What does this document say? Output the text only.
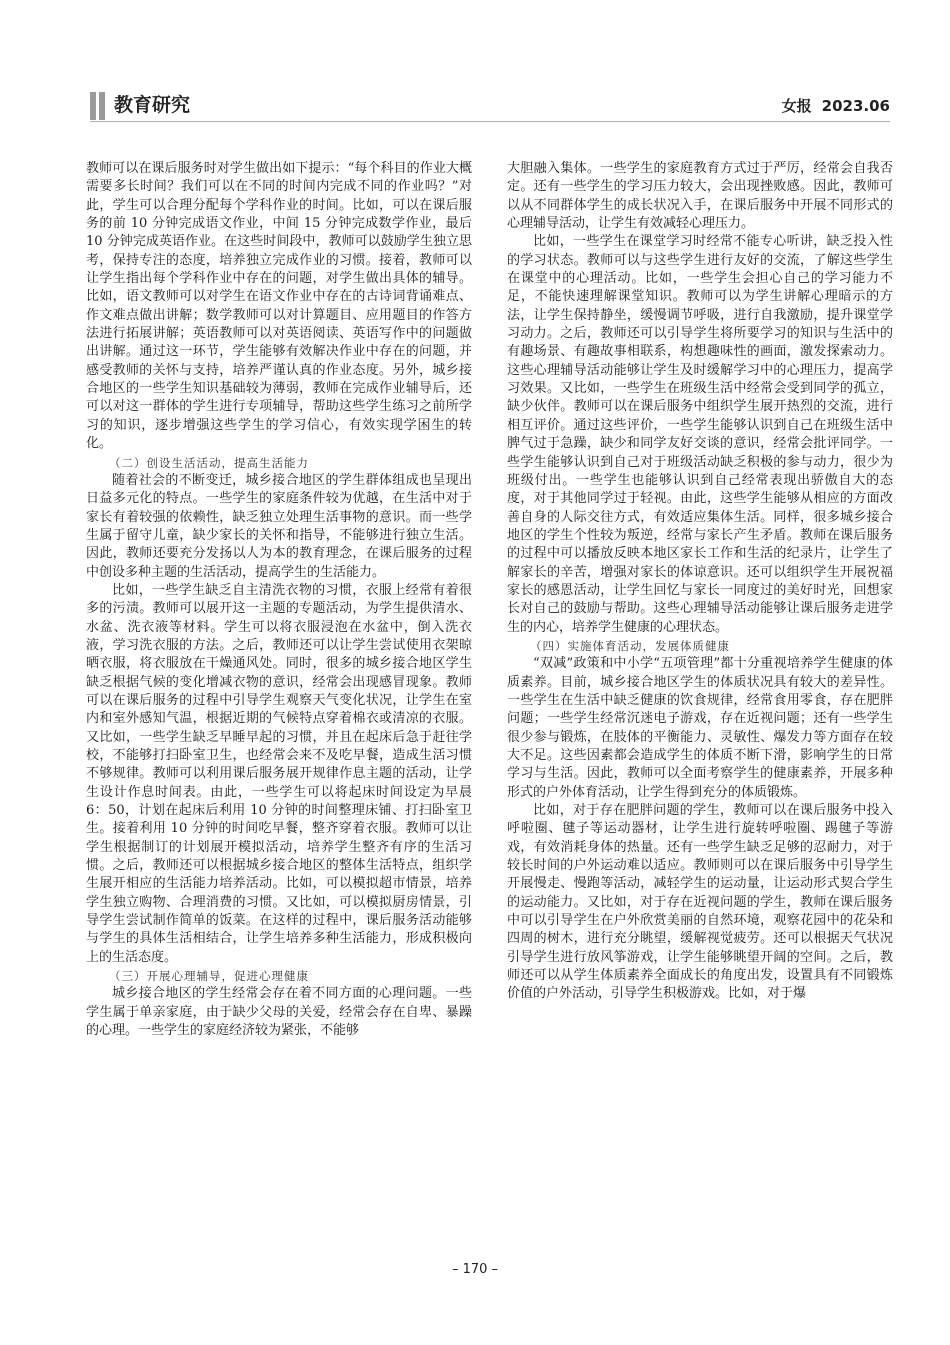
教育研究	女报 2023.06

教师可以在课后服务时对学生做出如下提示：“每个科目的作业大概需要多长时间？我们可以在不同的时间内完成不同的作业吗？”对此，学生可以合理分配每个学科作业的时间。比如，可以在课后服务的前 10 分钟完成语文作业，中间 15 分钟完成数学作业，最后 10 分钟完成英语作业。在这些时间段中，教师可以鼓励学生独立思考，保持专注的态度，培养独立完成作业的习惯。接着，教师可以让学生指出每个学科作业中存在的问题，对学生做出具体的辅导。比如，语文教师可以对学生在语文作业中存在的古诗词背诵难点、作文难点做出讲解；数学教师可以对计算题目、应用题目的作答方法进行拓展讲解；英语教师可以对英语阅读、英语写作中的问题做出讲解。通过这一环节，学生能够有效解决作业中存在的问题，并感受教师的关怀与支持，培养严谨认真的作业态度。另外，城乡接合地区的一些学生知识基础较为薄弱，教师在完成作业辅导后，还可以对这一群体的学生进行专项辅导，帮助这些学生练习之前所学习的知识，逐步增强这些学生的学习信心，有效实现学困生的转化。

（二）创设生活活动，提高生活能力

随着社会的不断变迁，城乡接合地区的学生群体组成也呈现出日益多元化的特点。一些学生的家庭条件较为优越，在生活中对于家长有着较强的依赖性，缺乏独立处理生活事物的意识。而一些学生属于留守儿童，缺少家长的关怀和指导，不能够进行独立生活。因此，教师还要充分发扬以人为本的教育理念，在课后服务的过程中创设多种主题的生活活动，提高学生的生活能力。

比如，一些学生缺乏自主清洗衣物的习惯，衣服上经常有着很多的污渍。教师可以展开这一主题的专题活动，为学生提供清水、水盆、洗衣液等材料。学生可以将衣服浸泡在水盆中，倒入洗衣液，学习洗衣服的方法。之后，教师还可以让学生尝试使用衣架晾晒衣服，将衣服放在干燥通风处。同时，很多的城乡接合地区学生缺乏根据气候的变化增减衣物的意识，经常会出现感冒现象。教师可以在课后服务的过程中引导学生观察天气变化状况，让学生在室内和室外感知气温，根据近期的气候特点穿着棉衣或清凉的衣服。又比如，一些学生缺乏早睡早起的习惯，并且在起床后急于赶往学校，不能够打扫卧室卫生，也经常会来不及吃早餐，造成生活习惯不够规律。教师可以利用课后服务展开规律作息主题的活动，让学生设计作息时间表。由此，一些学生可以将起床时间设定为早晨 6：50，计划在起床后利用 10 分钟的时间整理床铺、打扫卧室卫生。接着利用 10 分钟的时间吃早餐，整齐穿着衣服。教师可以让学生根据制订的计划展开模拟活动，培养学生整齐有序的生活习惯。之后，教师还可以根据城乡接合地区的整体生活特点，组织学生展开相应的生活能力培养活动。比如，可以模拟超市情景，培养学生独立购物、合理消费的习惯。又比如，可以模拟厨房情景，引导学生尝试制作简单的饭菜。在这样的过程中，课后服务活动能够与学生的具体生活相结合，让学生培养多种生活能力，形成积极向上的生活态度。

（三）开展心理辅导，促进心理健康

城乡接合地区的学生经常会存在着不同方面的心理问题。一些学生属于单亲家庭，由于缺少父母的关爱，经常会存在自卑、暴躁的心理。一些学生的家庭经济较为紧张，不能够

大胆融入集体。一些学生的家庭教育方式过于严厉，经常会自我否定。还有一些学生的学习压力较大，会出现挫败感。因此，教师可以从不同群体学生的成长状况入手，在课后服务中开展不同形式的心理辅导活动，让学生有效减轻心理压力。

比如，一些学生在课堂学习时经常不能专心听讲，缺乏投入性的学习状态。教师可以与这些学生进行友好的交流，了解这些学生在课堂中的心理活动。比如，一些学生会担心自己的学习能力不足，不能快速理解课堂知识。教师可以为学生讲解心理暗示的方法，让学生保持静坐，缓慢调节呼吸，进行自我激励，提升课堂学习动力。之后，教师还可以引导学生将所要学习的知识与生活中的有趣场景、有趣故事相联系，构想趣味性的画面，激发探索动力。这些心理辅导活动能够让学生及时缓解学习中的心理压力，提高学习效果。又比如，一些学生在班级生活中经常会受到同学的孤立，缺少伙伴。教师可以在课后服务中组织学生展开热烈的交流，进行相互评价。通过这些评价，一些学生能够认识到自己在班级生活中脾气过于急躁，缺少和同学友好交谈的意识，经常会批评同学。一些学生能够认识到自己对于班级活动缺乏积极的参与动力，很少为班级付出。一些学生也能够认识到自己经常表现出骄傲自大的态度，对于其他同学过于轻视。由此，这些学生能够从相应的方面改善自身的人际交往方式，有效适应集体生活。同样，很多城乡接合地区的学生个性较为叛逆，经常与家长产生矛盾。教师在课后服务的过程中可以播放反映本地区家长工作和生活的纪录片，让学生了解家长的辛苦，增强对家长的体谅意识。还可以组织学生开展祝福家长的感恩活动，让学生回忆与家长一同度过的美好时光，回想家长对自己的鼓励与帮助。这些心理辅导活动能够让课后服务走进学生的内心，培养学生健康的心理状态。

（四）实施体育活动，发展体质健康

“双减”政策和中小学“五项管理”都十分重视培养学生健康的体质素养。目前，城乡接合地区学生的体质状况具有较大的差异性。一些学生在生活中缺乏健康的饮食规律，经常食用零食，存在肥胖问题；一些学生经常沉迷电子游戏，存在近视问题；还有一些学生很少参与锻炼，在肢体的平衡能力、灵敏性、爆发力等方面存在较大不足。这些因素都会造成学生的体质不断下滑，影响学生的日常学习与生活。因此，教师可以全面考察学生的健康素养，开展多种形式的户外体育活动，让学生得到充分的体质锻炼。

比如，对于存在肥胖问题的学生，教师可以在课后服务中投入呼啦圈、毽子等运动器材，让学生进行旋转呼啦圈、踢毽子等游戏，有效消耗身体的热量。还有一些学生缺乏足够的忍耐力，对于较长时间的户外运动难以适应。教师则可以在课后服务中引导学生开展慢走、慢跑等活动，减轻学生的运动量，让运动形式契合学生的运动能力。又比如，对于存在近视问题的学生，教师在课后服务中可以引导学生在户外欣赏美丽的自然环境，观察花园中的花朵和四周的树木，进行充分眺望，缓解视觉疲劳。还可以根据天气状况引导学生进行放风筝游戏，让学生能够眺望开阔的空间。之后，教师还可以从学生体质素养全面成长的角度出发，设置具有不同锻炼价值的户外活动，引导学生积极游戏。比如，对于爆

– 170 –
